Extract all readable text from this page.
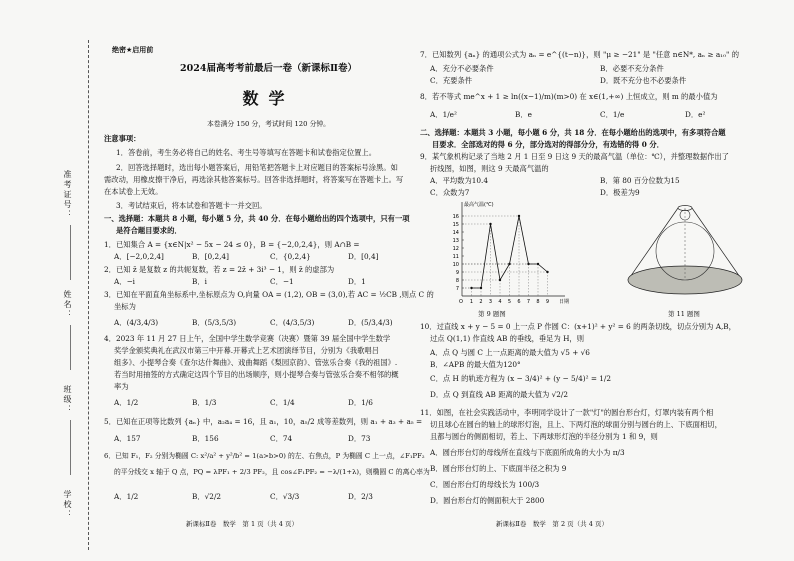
准考证号：
姓名：
班级：
学校：
绝密★启用前
2024届高考考前最后一卷（新课标Ⅱ卷）
数学
本卷满分 150 分，考试时间 120 分钟。
注意事项：
1．答卷前，考生务必将自己的姓名、考生号等填写在答题卡和试卷指定位置上。
2．回答选择题时，选出每小题答案后，用铅笔把答题卡上对应题目的答案标号涂黑。如
需改动，用橡皮擦干净后，再选涂其他答案标号。回答非选择题时，将答案写在答题卡上。写
在本试卷上无效。
3．考试结束后，将本试卷和答题卡一并交回。
一、选择题：本题共 8 小题，每小题 5 分，共 40 分．在每小题给出的四个选项中，只有一项
是符合题目要求的．
1．已知集合 A = {x∈N|x² − 5x − 24 ≤ 0}，B = {−2,0,2,4}，则 A∩B =
A．[−2,0,2,4]	B．[0,2,4]	C．{0,2,4}	D．[0,4]
2．已知 z̄ 是复数 z 的共轭复数，若 z = 2z̄ + 3i³ − 1，则 z̄ 的虚部为
A．−i	B．i	C．−1	D．1
3．已知在平面直角坐标系中,坐标原点为 O,向量 OA = (1,2), OB = (3,0),若 AC = ½CB ,则点 C 的
坐标为
A．(4/3,4/3)	B．(5/3,5/3)	C．(4/3,5/3)	D．(5/3,4/3)
4．2023 年 11 月 27 日上午，全国中学生数学竞赛（决赛）暨第 39 届全国中学生数学
奖学金颁奖典礼在武汉市第三中开幕.开幕式上艺术团演绎节目，分别为《我歌唱吕
组多》、小提琴合奏《查尔达什舞曲》、戏曲舞蹈《梨园京韵》、管弦乐合奏《我的祖国》.
若当时用抽签的方式确定这四个节目的出场顺序，则小提琴合奏与管弦乐合奏不相邻的概
率为
A．1/2	B．1/3	C．1/4	D．1/6
5．已知在正项等比数列 {aₙ} 中，a₂a₄ = 16，且 a₁，10，a₅/2 成等差数列，则 a₁ + a₃ + a₅ =
A．157	B．156	C．74	D．73
6．已知 F₁，F₂ 分别为椭圆 C: x²/a² + y²/b² = 1(a>b>0) 的左、右焦点，P 为椭圆 C 上一点，∠F₁PF₂
的平分线交 x 轴于 Q 点，PQ = λPF₁ + 2/3 PF₂，且 cos∠F₁PF₂ = −λ/(1+λ)，则椭圆 C 的离心率为
A．1/2	B．√2/2	C．√3/3	D．2/3
新课标Ⅱ卷　数学　第 1 页（共 4 页）
7．已知数列 {aₙ} 的通项公式为 aₙ = e^{(t−n)}，则 "μ ≥ −21" 是 "任意 n∈N*, aₙ ≥ a₁₀" 的
A．充分不必要条件	B．必要不充分条件
C．充要条件	D．既不充分也不必要条件
8．若不等式 me^x + 1 ≥ ln((x−1)/m)(m>0) 在 x∈(1,+∞) 上恒成立，则 m 的最小值为
A．1/e²	B．e	C．1/e	D．e²
二、选择题：本题共 3 小题，每小题 6 分，共 18 分．在每小题给出的选项中，有多项符合题
目要求．全部选对的得 6 分，部分选对的得部分分，有选错的得 0 分．
9．某气象机构记录了当地 2 月 1 日至 9 日这 9 天的最高气温（单位：℃），并整理数据作出了
折线图，如图，则这 9 天最高气温的
A．平均数为10.4	B．第 80 百分位数为15
C．众数为7	D．极差为9
最高气温(℃)
日期
7
8
9
10
11
12
13
14
15
16
O 1 2 3 4 5 6 7 8 9
第 9 题图	第 11 题图
10．过直线 x + y − 5 = 0 上一点 P 作圆 C：(x+1)² + y² = 6 的两条切线，切点分别为 A,B，
过点 Q(1,1) 作直线 AB 的垂线，垂足为 H，则
A．点 Q 与圆 C 上一点距离的最大值为 √5 + √6
B．∠APB 的最大值为120°
C．点 H 的轨迹方程为 (x − 3/4)² + (y − 5/4)² = 1/2
D．点 Q 到直线 AB 距离的最大值为 √2/2
11．如图，在社会实践活动中，李明同学设计了一款"灯"的圆台形台灯，灯罩内装有两个相
切且球心在圆台的轴上的球形灯泡，且上、下两灯泡的球面分别与圆台的上、下底面相切，
且都与圆台的侧面相切，若上、下两球形灯泡的半径分别为 1 和 9，则
A．圆台形台灯的母线所在直线与下底面所成角的大小为 π/3
B．圆台形台灯的上、下底面半径之积为 9
C．圆台形台灯的母线长为 100/3
D．圆台形台灯的侧面积大于 2800
新课标Ⅱ卷　数学　第 2 页（共 4 页）
